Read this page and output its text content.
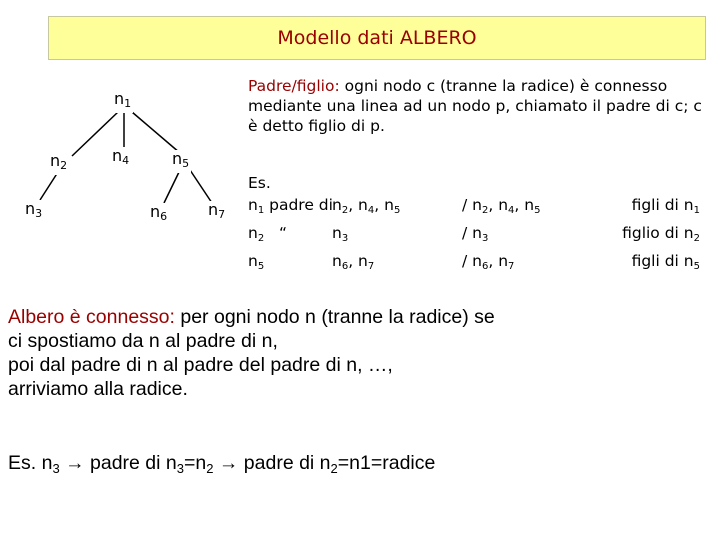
Modello dati ALBERO
$n_1$
$n_2$
$n_4$	$n_5$
$n_3$	$n_6$	$n_7$
Padre/figlio: ogni nodo c (tranne la radice) è connesso mediante una linea ad un nodo p, chiamato il padre di c; c è detto figlio di p.
Es.
$n_1$ padre di $n_2$, $n_4$, $n_5$	/ $n_2$, $n_4$, $n_5$	figli di $n_1$
$n_2$   “	$n_3$	/ $n_3$	figlio di $n_2$
$n_5$	$n_6$, $n_7$	/ $n_6$, $n_7$	figli di $n_5$
Albero è connesso: per ogni nodo n (tranne la radice) se
ci spostiamo da n al padre di n,
poi dal padre di n al padre del padre di n, …,
arriviamo alla radice.
Es. $n_3$ → padre di $n_3=n_2$ → padre di $n_2=n1=radice$
